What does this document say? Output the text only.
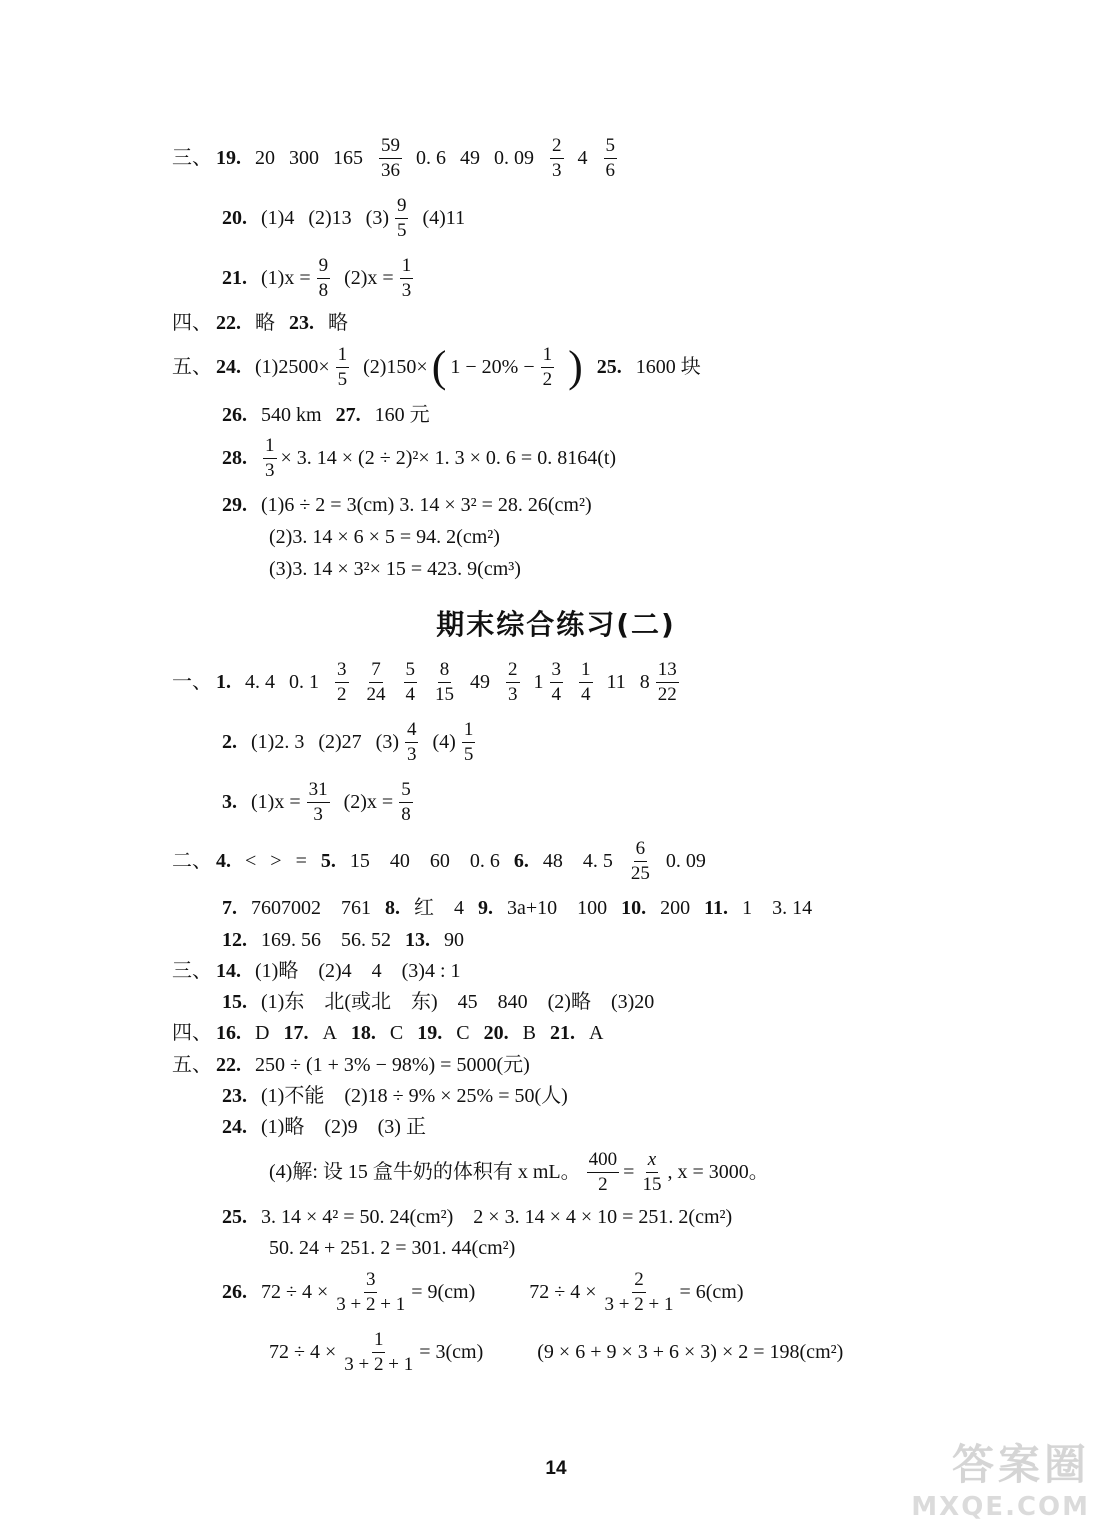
三、 19. 20 300 165
59
36
0. 6 49 0. 09
2
3
4
5
6
20. (1)4 (2)13 (3)
9
5
(4)11
21. $(1)x = \frac{9}{8} (2)x = \frac{1}{3}$
四、 22. 略 23. 略
五、 24. $(1)2500\times \frac{1}{5} (2)150\times$ ( $1 - 20\% - \frac{1}{2}$ ) 25. 1600 块
26. 540 km 27. 160 元
28. $\frac{1}{3} \times 3$. 14 × (2 ÷ 2)²× 1. 3 × 0. 6 = 0. 8164(t)
29. (1)6 ÷ 2 = 3(cm) 3. 14 × 3² = 28. 26(cm²)
(2)3. 14 × 6 × 5 = 94. 2(cm²)
(3)3. 14 × 3²× 15 = 423. 9(cm³)
期末综合练习(二)
一、 1. 4. 4 0. 1
3
2
7
24
5
4
8
15
49
2
3
1
3
4
1
4
11 8
13
22
2. (1)2. 3 (2)27 (3)
4
3
(4)
1
5
3. $(1)x = \frac{31}{3} (2)x = \frac{5}{8}$
二、 4. < > = 5. 15    40    60    0. 6 6. 48    4. 5
6
25
0. 09
7. 7607002    761 8. 红    4 9. 3a+10    100 10. 200 11. 1    3. 14
12. 169. 56    56. 52 13. 90
三、 14. (1)略    (2)4    4    (3)4 : 1
15. (1)东    北(或北    东)    45    840    (2)略    (3)20
四、 16. D 17. A 18. C 19. C 20. B 21. A
五、 22. 250 ÷ (1 + 3% − 98%) = 5000(元)
23. (1)不能    (2)18 ÷ 9% × 25% = 50(人)
24. (1)略    (2)9    (3) 正
(4)解: 设 15 盒牛奶的体积有 x mL。 $\frac{400}{2} = \frac{x}{15}$ , x = 3000。
25. 3. 14 × 4² = 50. 24(cm²)    2 × 3. 14 × 4 × 10 = 251. 2(cm²)
50. 24 + 251. 2 = 301. 44(cm²)
26. $72 \div 4 \times \frac{3}{3 + 2 + 1} = 9(cm)$	$72 \div 4 \times \frac{2}{3 + 2 + 1} = 6(cm)$
$72 \div 4 \times \frac{1}{3 + 2 + 1} = 3(cm)$	(9 × 6 + 9 × 3 + 6 × 3) × 2 = 198(cm²)
14	答案圈
MXQE.COM
